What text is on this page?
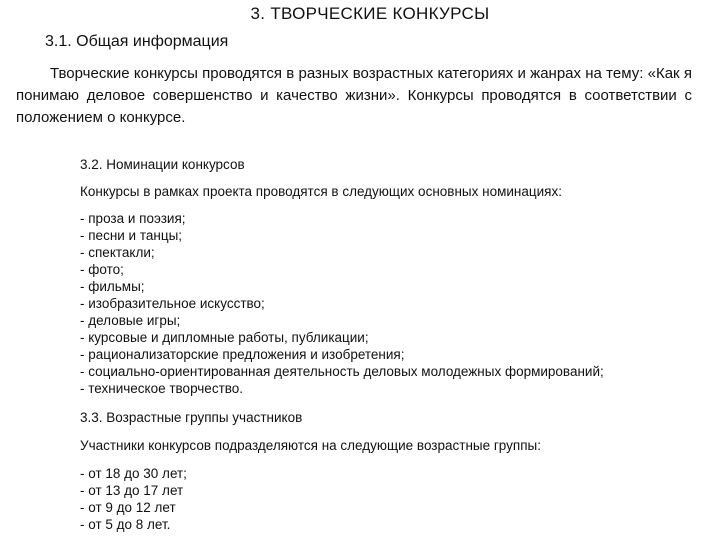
3. ТВОРЧЕСКИЕ КОНКУРСЫ
3.1. Общая информация
Творческие конкурсы проводятся в разных возрастных категориях и жанрах на тему: «Как я понимаю деловое совершенство и качество жизни». Конкурсы проводятся в соответствии с положением о конкурсе.
3.2. Номинации конкурсов
Конкурсы в рамках проекта проводятся в следующих основных номинациях:
- проза и поэзия;
- песни и танцы;
- спектакли;
- фото;
- фильмы;
- изобразительное искусство;
- деловые игры;
- курсовые и дипломные работы, публикации;
- рационализаторские предложения и изобретения;
- социально-ориентированная деятельность деловых молодежных формирований;
- техническое творчество.
3.3. Возрастные группы участников
Участники конкурсов подразделяются на следующие возрастные группы:
- от 18 до 30 лет;
- от 13 до 17 лет
- от 9 до 12 лет
- от 5 до 8 лет.
